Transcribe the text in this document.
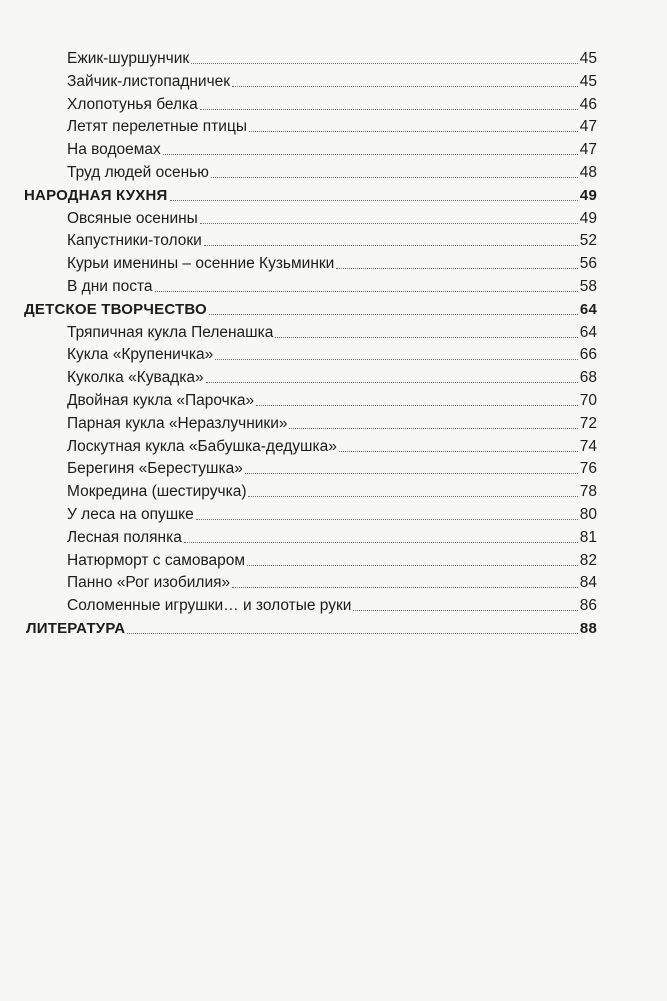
Ежик-шуршунчик	45
Зайчик-листопадничек	45
Хлопотунья белка	46
Летят перелетные птицы	47
На водоемах	47
Труд людей осенью	48
НАРОДНАЯ КУХНЯ	49
Овсяные осенины	49
Капустники-толоки	52
Курьи именины – осенние Кузьминки	56
В дни поста	58
ДЕТСКОЕ ТВОРЧЕСТВО	64
Тряпичная кукла Пеленашка	64
Кукла «Крупеничка»	66
Куколка «Кувадка»	68
Двойная кукла «Парочка»	70
Парная кукла «Неразлучники»	72
Лоскутная кукла «Бабушка-дедушка»	74
Берегиня «Берестушка»	76
Мокредина (шестиручка)	78
У леса на опушке	80
Лесная полянка	81
Натюрморт с самоваром	82
Панно «Рог изобилия»	84
Соломенные игрушки… и золотые руки	86
ЛИТЕРАТУРА	88
